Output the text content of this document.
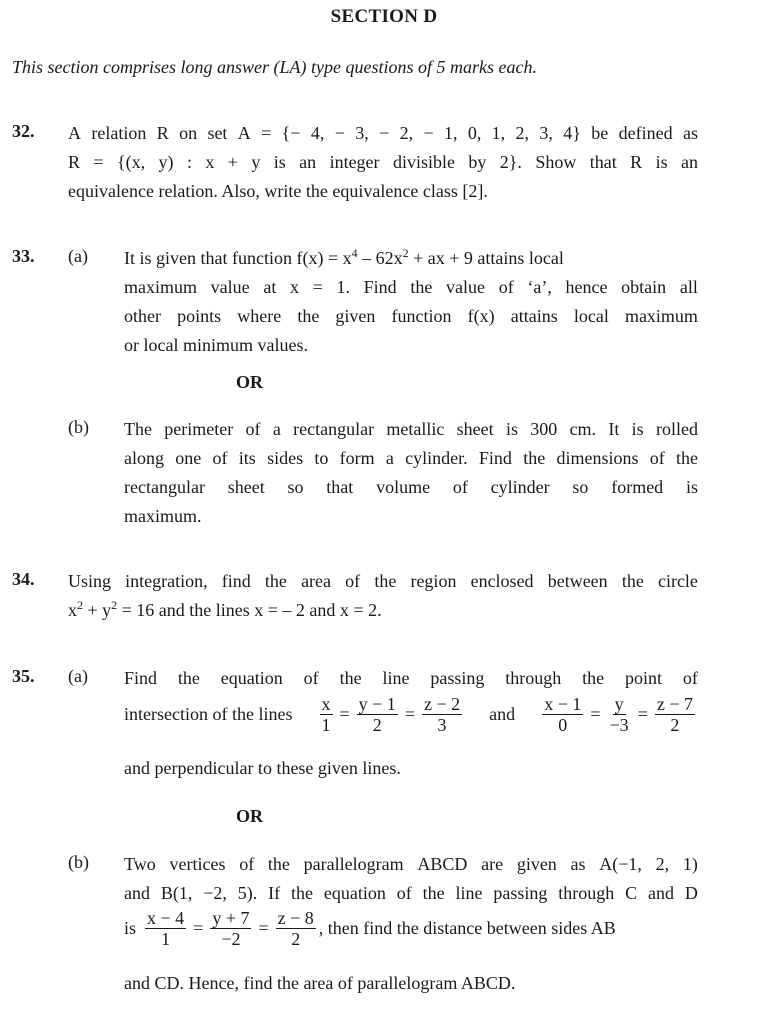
SECTION D
This section comprises long answer (LA) type questions of 5 marks each.
32. A relation R on set A = {− 4, − 3, − 2, − 1, 0, 1, 2, 3, 4} be defined as
R = {(x, y) : x + y is an integer divisible by 2}. Show that R is an
equivalence relation. Also, write the equivalence class [2].
33. (a) It is given that function $f(x) = x^4 - 62x^2$ + ax + 9 attains local
maximum value at x = 1. Find the value of ‘a’, hence obtain all
other points where the given function f(x) attains local maximum
or local minimum values.
OR
(b) The perimeter of a rectangular metallic sheet is 300 cm. It is rolled
along one of its sides to form a cylinder. Find the dimensions of the
rectangular sheet so that volume of cylinder so formed is
maximum.
34. Using integration, find the area of the region enclosed between the circle
$x^2 + y^2 = 16$ and the lines x = – 2 and x = 2.
35. (a) Find the equation of the line passing through the point of
intersection of the lines $\frac{x}{1} = \frac{y - 1}{2} = \frac{z - 2}{3}$ and $\frac{x - 1}{0} = \frac{y}{-3} = \frac{z - 7}{2}$
and perpendicular to these given lines.
OR
(b) Two vertices of the parallelogram ABCD are given as A(−1, 2, 1)
and B(1, −2, 5). If the equation of the line passing through C and D
is $\frac{x - 4}{1} = \frac{y + 7}{-2} = \frac{z - 8}{2}$ , then find the distance between sides AB
and CD. Hence, find the area of parallelogram ABCD.
